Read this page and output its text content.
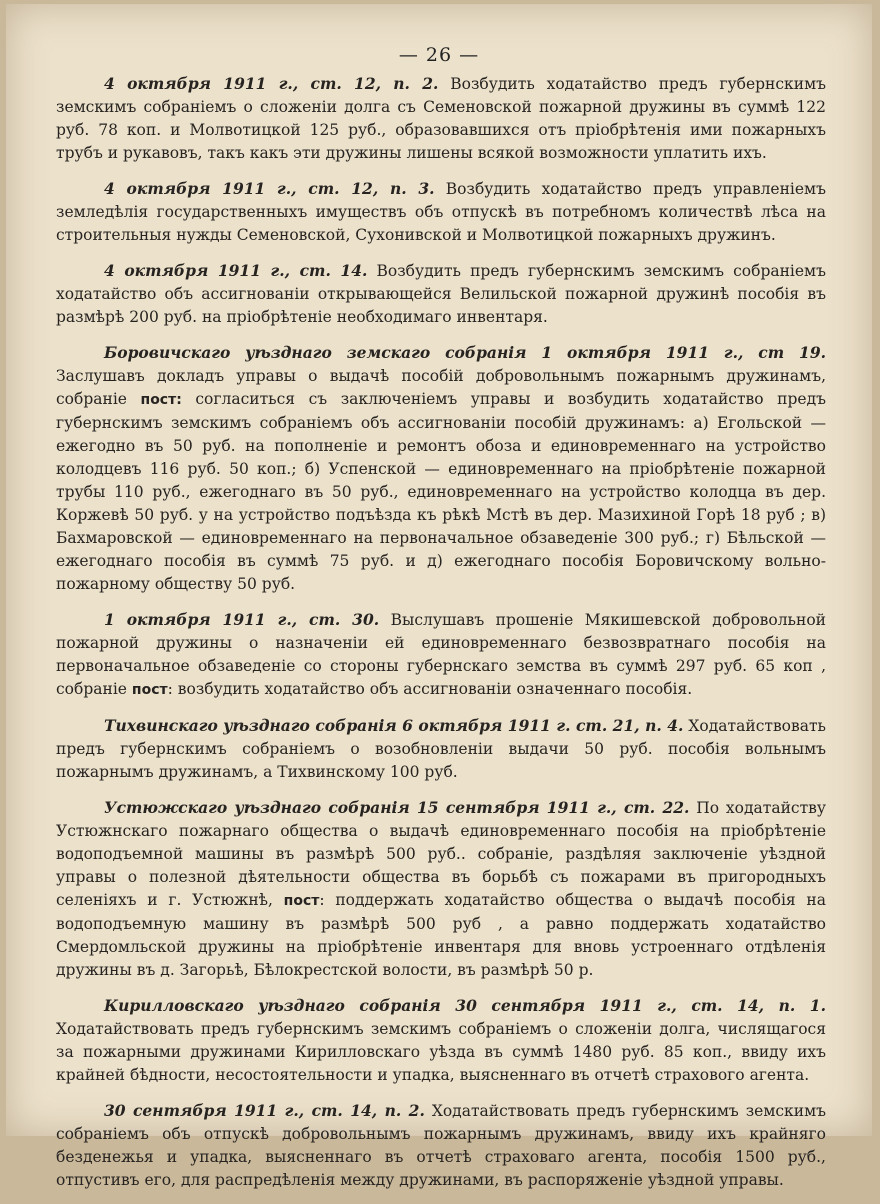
— 26 —

4 октября 1911 г., ст. 12, п. 2. Возбудить ходатайство предъ губернскимъ земскимъ собраніемъ о сложеніи долга съ Семеновской пожарной дружины въ суммѣ 122 руб. 78 коп. и Молвотицкой 125 руб., образовавшихся отъ пріобрѣтенія ими пожарныхъ трубъ и рукавовъ, такъ какъ эти дружины лишены всякой возможности уплатить ихъ.

4 октября 1911 г., ст. 12, п. 3. Возбудить ходатайство предъ управленіемъ земледѣлія государственныхъ имуществъ объ отпускѣ въ потребномъ количествѣ лѣса на строительныя нужды Семеновской, Сухонивской и Молвотицкой пожарныхъ дружинъ.

4 октября 1911 г., ст. 14. Возбудить предъ губернскимъ земскимъ собраніемъ ходатайство объ ассигнованіи открывающейся Велильской пожарной дружинѣ пособія въ размѣрѣ 200 руб. на пріобрѣтеніе необходимаго инвентаря.

Боровичскаго уѣзднаго земскаго собранія 1 октября 1911 г., ст 19. Заслушавъ докладъ управы о выдачѣ пособій добровольнымъ пожарнымъ дружинамъ, собраніе пост: согласиться съ заключеніемъ управы и возбудить ходатайство предъ губернскимъ земскимъ собраніемъ объ ассигнованіи пособій дружинамъ: а) Егольской — ежегодно въ 50 руб. на пополненіе и ремонтъ обоза и единовременнаго на устройство колодцевъ 116 руб. 50 коп.; б) Успенской — единовременнаго на пріобрѣтеніе пожарной трубы 110 руб., ежегоднаго въ 50 руб., единовременнаго на устройство колодца въ дер. Коржевѣ 50 руб. у на устройство подъѣзда къ рѣкѣ Мстѣ въ дер. Мазихиной Горѣ 18 руб ; в) Бахмаровской — единовременнаго на первоначальное обзаведеніе 300 руб.; г) Бѣльской — ежегоднаго пособія въ суммѣ 75 руб. и д) ежегоднаго пособія Боровичскому вольно-пожарному обществу 50 руб.

1 октября 1911 г., ст. 30. Выслушавъ прошеніе Мякишевской добровольной пожарной дружины о назначеніи ей единовременнаго безвозвратнаго пособія на первоначальное обзаведеніе со стороны губернскаго земства въ суммѣ 297 руб. 65 коп , собраніе пост: возбудить ходатайство объ ассигнованіи означеннаго пособія.

Тихвинскаго уѣзднаго собранія 6 октября 1911 г. ст. 21, п. 4. Ходатайствовать предъ губернскимъ собраніемъ о возобновленіи выдачи 50 руб. пособія вольнымъ пожарнымъ дружинамъ, а Тихвинскому 100 руб.

Устюжскаго уѣзднаго собранія 15 сентября 1911 г., ст. 22. По ходатайству Устюжнскаго пожарнаго общества о выдачѣ единовременнаго пособія на пріобрѣтеніе водоподъемной машины въ размѣрѣ 500 руб.. собраніе, раздѣляя заключеніе уѣздной управы о полезной дѣятельности общества въ борьбѣ съ пожарами въ пригородныхъ селеніяхъ и г. Устюжнѣ, пост: поддержать ходатайство общества о выдачѣ пособія на водоподъемную машину въ размѣрѣ 500 руб , а равно поддержать ходатайство Смердомльской дружины на пріобрѣтеніе инвентаря для вновь устроеннаго отдѣленія дружины въ д. Загорьѣ, Бѣлокрестской волости, въ размѣрѣ 50 р.

Кирилловскаго уѣзднаго собранія 30 сентября 1911 г., ст. 14, п. 1. Ходатайствовать предъ губернскимъ земскимъ собраніемъ о сложеніи долга, числящагося за пожарными дружинами Кирилловскаго уѣзда въ суммѣ 1480 руб. 85 коп., ввиду ихъ крайней бѣдности, несостоятельности и упадка, выясненнаго въ отчетѣ страхового агента.

30 сентября 1911 г., ст. 14, п. 2. Ходатайствовать предъ губернскимъ земскимъ собраніемъ объ отпускѣ добровольнымъ пожарнымъ дружинамъ, ввиду ихъ крайняго безденежья и упадка, выясненнаго въ отчетѣ страховаго агента, пособія 1500 руб., отпустивъ его, для распредѣленія между дружинами, въ распоряженіе уѣздной управы.
